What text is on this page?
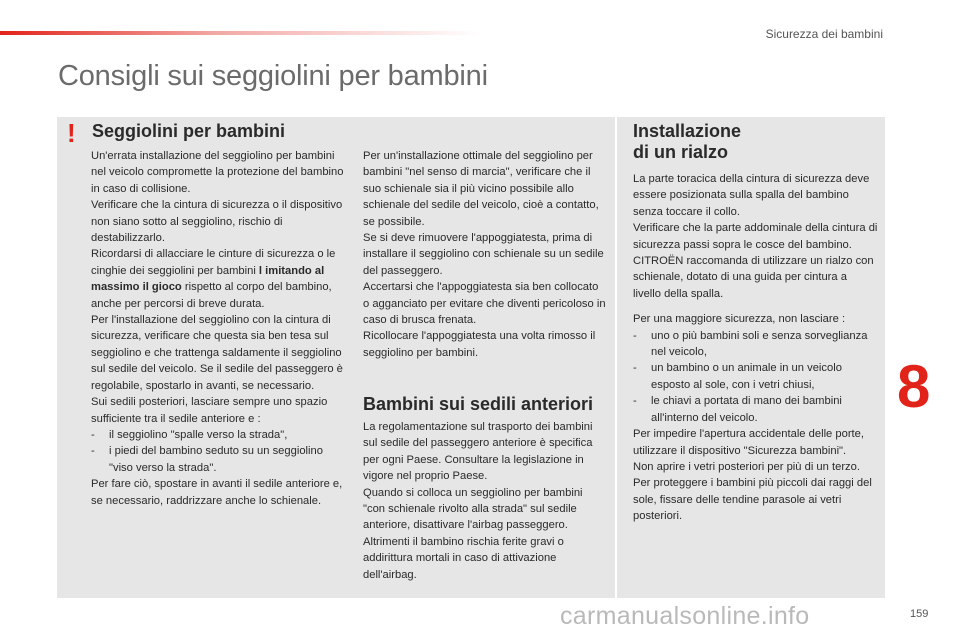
Sicurezza dei bambini
Consigli sui seggiolini per bambini
! Seggiolini per bambini
Un'errata installazione del seggiolino per bambini nel veicolo compromette la protezione del bambino in caso di collisione.
Verificare che la cintura di sicurezza o il dispositivo non siano sotto al seggiolino, rischio di destabilizzarlo.
Ricordarsi di allacciare le cinture di sicurezza o le cinghie dei seggiolini per bambini l imitando al massimo il gioco rispetto al corpo del bambino, anche per percorsi di breve durata.
Per l'installazione del seggiolino con la cintura di sicurezza, verificare che questa sia ben tesa sul seggiolino e che trattenga saldamente il seggiolino sul sedile del veicolo. Se il sedile del passeggero è regolabile, spostarlo in avanti, se necessario.
Sui sedili posteriori, lasciare sempre uno spazio sufficiente tra il sedile anteriore e :
- il seggiolino "spalle verso la strada",
- i piedi del bambino seduto su un seggiolino "viso verso la strada".
Per fare ciò, spostare in avanti il sedile anteriore e, se necessario, raddrizzare anche lo schienale.
Per un'installazione ottimale del seggiolino per bambini "nel senso di marcia", verificare che il suo schienale sia il più vicino possibile allo schienale del sedile del veicolo, cioè a contatto, se possibile.
Se si deve rimuovere l'appoggiatesta, prima di installare il seggiolino con schienale su un sedile del passeggero.
Accertarsi che l'appoggiatesta sia ben collocato o agganciato per evitare che diventi pericoloso in caso di brusca frenata.
Ricollocare l'appoggiatesta una volta rimosso il seggiolino per bambini.
Bambini sui sedili anteriori
La regolamentazione sul trasporto dei bambini sul sedile del passeggero anteriore è specifica per ogni Paese. Consultare la legislazione in vigore nel proprio Paese.
Quando si colloca un seggiolino per bambini "con schienale rivolto alla strada" sul sedile anteriore, disattivare l'airbag passeggero. Altrimenti il bambino rischia ferite gravi o addirittura mortali in caso di attivazione dell'airbag.
Installazione
di un rialzo
La parte toracica della cintura di sicurezza deve essere posizionata sulla spalla del bambino senza toccare il collo.
Verificare che la parte addominale della cintura di sicurezza passi sopra le cosce del bambino.
CITROËN raccomanda di utilizzare un rialzo con schienale, dotato di una guida per cintura a livello della spalla.
Per una maggiore sicurezza, non lasciare :
- uno o più bambini soli e senza sorveglianza nel veicolo,
- un bambino o un animale in un veicolo esposto al sole, con i vetri chiusi,
- le chiavi a portata di mano dei bambini all'interno del veicolo.
Per impedire l'apertura accidentale delle porte, utilizzare il dispositivo "Sicurezza bambini".
Non aprire i vetri posteriori per più di un terzo.
Per proteggere i bambini più piccoli dai raggi del sole, fissare delle tendine parasole ai vetri posteriori.
8
159
carmanualsonline.info
